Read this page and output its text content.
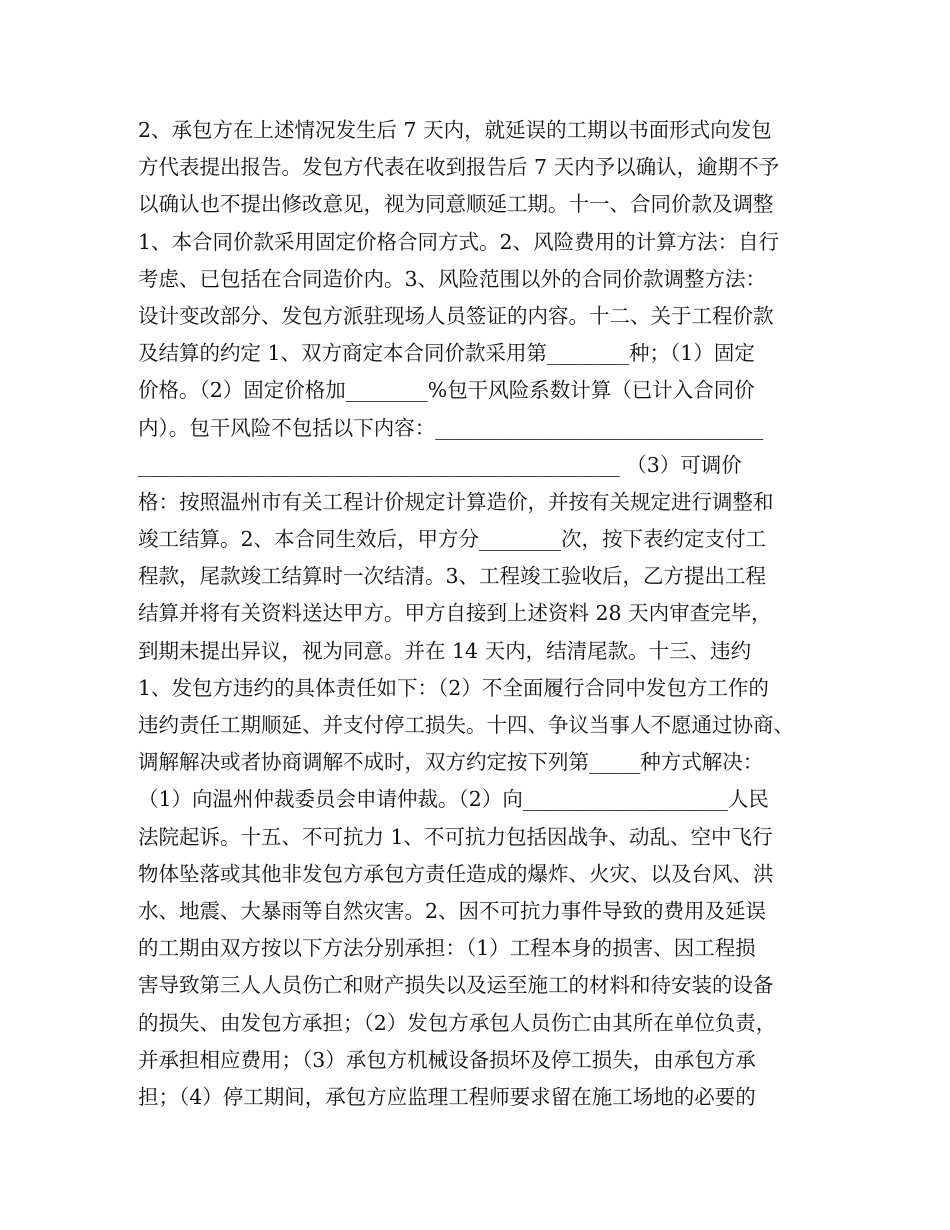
2、承包方在上述情况发生后 7 天内，就延误的工期以书面形式向发包
方代表提出报告。发包方代表在收到报告后 7 天内予以确认，逾期不予
以确认也不提出修改意见，视为同意顺延工期。十一、合同价款及调整
1、本合同价款采用固定价格合同方式。2、风险费用的计算方法：自行
考虑、已包括在合同造价内。3、风险范围以外的合同价款调整方法：
设计变改部分、发包方派驻现场人员签证的内容。十二、关于工程价款
及结算的约定 1、双方商定本合同价款采用第________种；（1）固定
价格。（2）固定价格加________%包干风险系数计算（已计入合同价
内）。包干风险不包括以下内容：________________________________
_______________________________________________ （3）可调价
格：按照温州市有关工程计价规定计算造价，并按有关规定进行调整和
竣工结算。2、本合同生效后，甲方分________次，按下表约定支付工
程款，尾款竣工结算时一次结清。3、工程竣工验收后，乙方提出工程
结算并将有关资料送达甲方。甲方自接到上述资料 28 天内审查完毕，
到期未提出异议，视为同意。并在 14 天内，结清尾款。十三、违约
1、发包方违约的具体责任如下：（2）不全面履行合同中发包方工作的
违约责任工期顺延、并支付停工损失。十四、争议当事人不愿通过协商、
调解解决或者协商调解不成时，双方约定按下列第_____种方式解决：
（1）向温州仲裁委员会申请仲裁。（2）向____________________人民
法院起诉。十五、不可抗力 1、不可抗力包括因战争、动乱、空中飞行
物体坠落或其他非发包方承包方责任造成的爆炸、火灾、以及台风、洪
水、地震、大暴雨等自然灾害。2、因不可抗力事件导致的费用及延误
的工期由双方按以下方法分别承担：（1）工程本身的损害、因工程损
害导致第三人人员伤亡和财产损失以及运至施工的材料和待安装的设备
的损失、由发包方承担；（2）发包方承包人员伤亡由其所在单位负责，
并承担相应费用；（3）承包方机械设备损坏及停工损失，由承包方承
担；（4）停工期间，承包方应监理工程师要求留在施工场地的必要的
